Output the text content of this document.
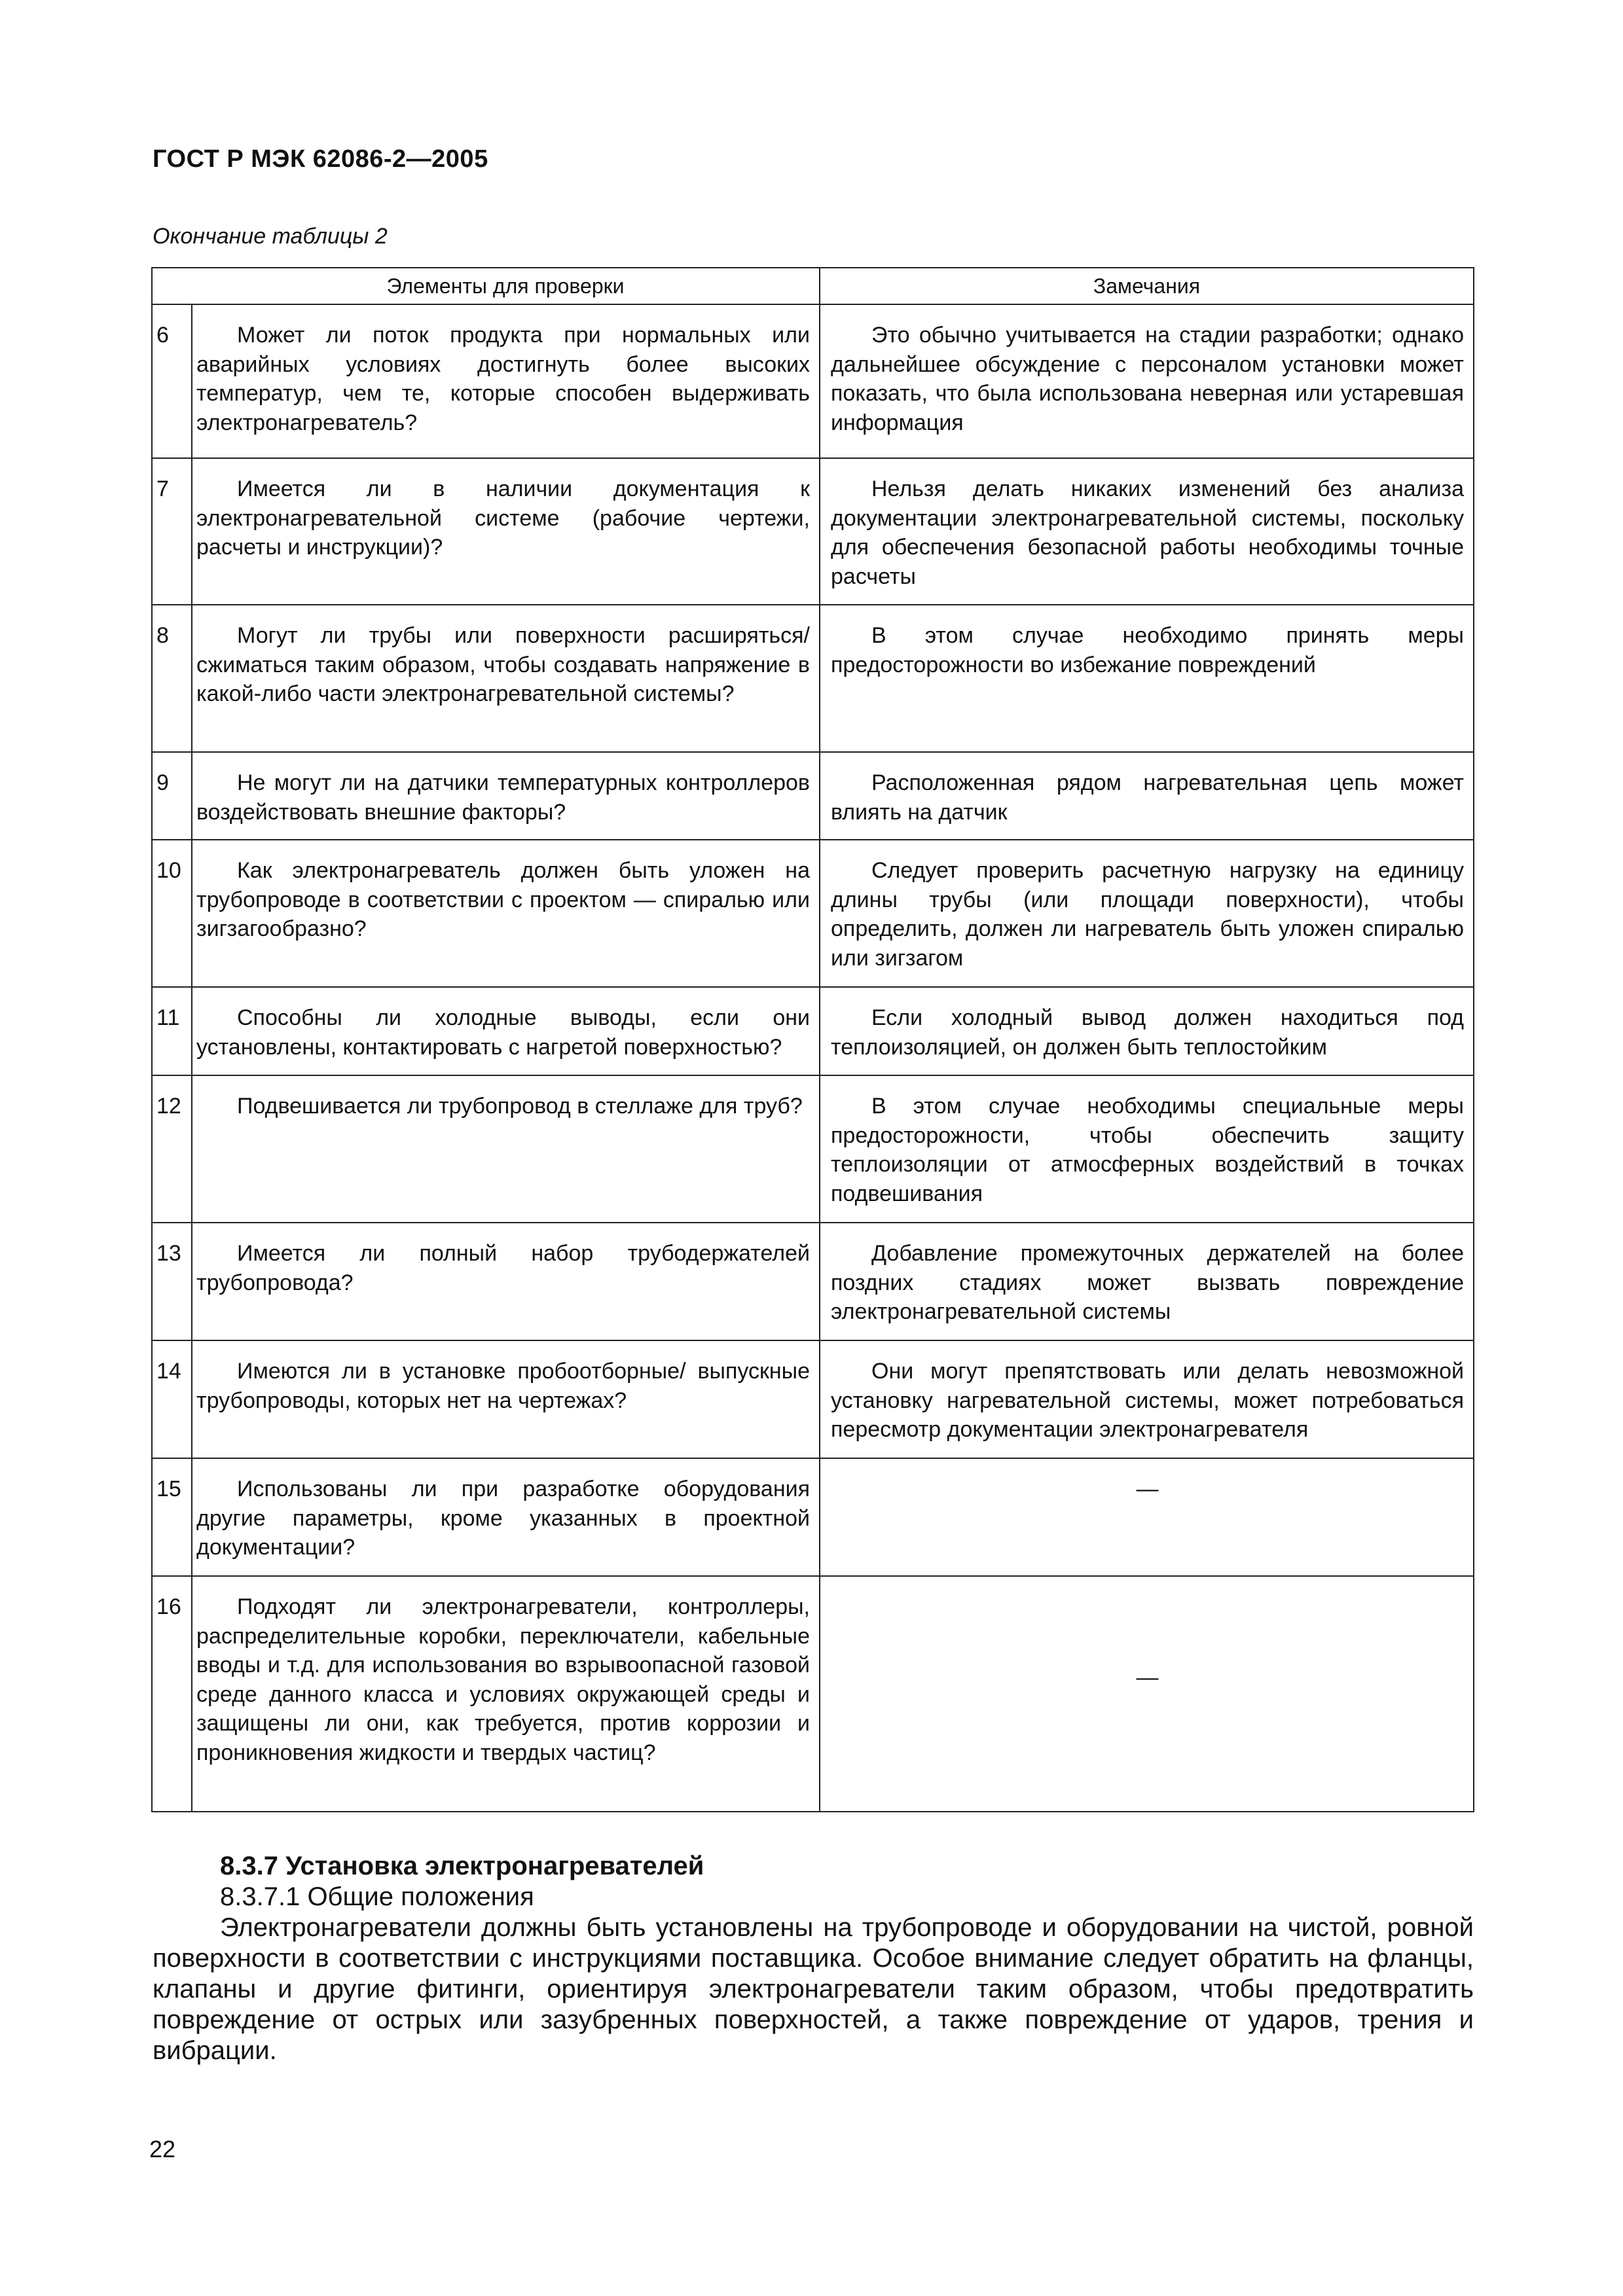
ГОСТ Р МЭК 62086-2—2005
Окончание таблицы 2
	Элементы для проверки	Замечания
6	Может ли поток продукта при нормальных или аварийных условиях достигнуть более высоких температур, чем те, которые способен выдерживать электронагреватель?	Это обычно учитывается на стадии разработки; однако дальнейшее обсуждение с персоналом установки может показать, что была использована неверная или устаревшая информация
7	Имеется ли в наличии документация к электронагревательной системе (рабочие чертежи, расчеты и инструкции)?	Нельзя делать никаких изменений без анализа документации электронагревательной системы, поскольку для обеспечения безопасной работы необходимы точные расчеты
8	Могут ли трубы или поверхности расширяться/сжиматься таким образом, чтобы создавать напряжение в какой-либо части электронагревательной системы?	В этом случае необходимо принять меры предосторожности во избежание повреждений
9	Не могут ли на датчики температурных контроллеров воздействовать внешние факторы?	Расположенная рядом нагревательная цепь может влиять на датчик
10	Как электронагреватель должен быть уложен на трубопроводе в соответствии с проектом — спиралью или зигзагообразно?	Следует проверить расчетную нагрузку на единицу длины трубы (или площади поверхности), чтобы определить, должен ли нагреватель быть уложен спиралью или зигзагом
11	Способны ли холодные выводы, если они установлены, контактировать с нагретой поверхностью?	Если холодный вывод должен находиться под теплоизоляцией, он должен быть теплостойким
12	Подвешивается ли трубопровод в стеллаже для труб?	В этом случае необходимы специальные меры предосторожности, чтобы обеспечить защиту теплоизоляции от атмосферных воздействий в точках подвешивания
13	Имеется ли полный набор трубодержателей трубопровода?	Добавление промежуточных держателей на более поздних стадиях может вызвать повреждение электронагревательной системы
14	Имеются ли в установке пробоотборные/ выпускные трубопроводы, которых нет на чертежах?	Они могут препятствовать или делать невозможной установку нагревательной системы, может потребоваться пересмотр документации электронагревателя
15	Использованы ли при разработке оборудования другие параметры, кроме указанных в проектной документации?	—
16	Подходят ли электронагреватели, контроллеры, распределительные коробки, переключатели, кабельные вводы и т.д. для использования во взрывоопасной газовой среде данного класса и условиях окружающей среды и защищены ли они, как требуется, против коррозии и проникновения жидкости и твердых частиц?	—

8.3.7 Установка электронагревателей

8.3.7.1 Общие положения

Электронагреватели должны быть установлены на трубопроводе и оборудовании на чистой, ровной поверхности в соответствии с инструкциями поставщика. Особое внимание следует обратить на фланцы, клапаны и другие фитинги, ориентируя электронагреватели таким образом, чтобы предотвратить повреждение от острых или зазубренных поверхностей, а также повреждение от ударов, трения и вибрации.

22
